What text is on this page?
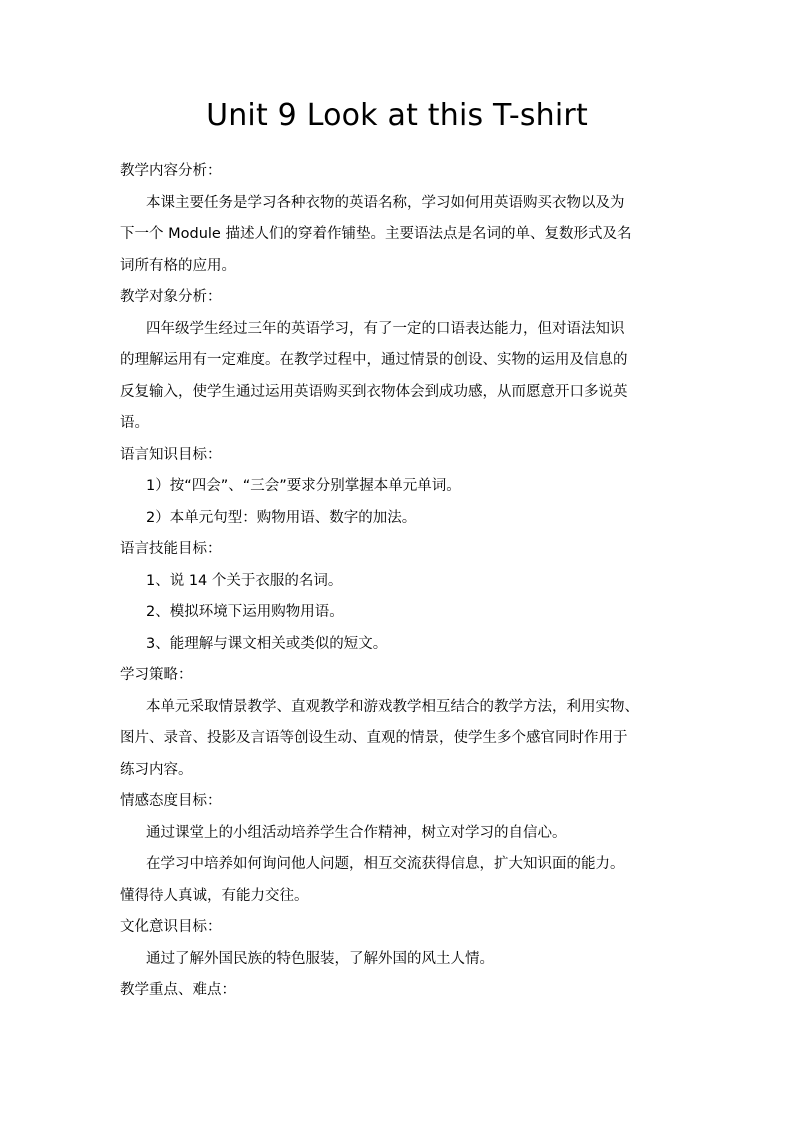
Unit 9 Look at this T-shirt
教学内容分析：
本课主要任务是学习各种衣物的英语名称，学习如何用英语购买衣物以及为
下一个 Module 描述人们的穿着作铺垫。主要语法点是名词的单、复数形式及名
词所有格的应用。
教学对象分析：
四年级学生经过三年的英语学习，有了一定的口语表达能力，但对语法知识
的理解运用有一定难度。在教学过程中，通过情景的创设、实物的运用及信息的
反复输入，使学生通过运用英语购买到衣物体会到成功感，从而愿意开口多说英
语。
语言知识目标：
1）按“四会”、“三会”要求分别掌握本单元单词。
2）本单元句型：购物用语、数字的加法。
语言技能目标：
1、说 14 个关于衣服的名词。
2、模拟环境下运用购物用语。
3、能理解与课文相关或类似的短文。
学习策略：
本单元采取情景教学、直观教学和游戏教学相互结合的教学方法，利用实物、
图片、录音、投影及言语等创设生动、直观的情景，使学生多个感官同时作用于
练习内容。
情感态度目标：
通过课堂上的小组活动培养学生合作精神，树立对学习的自信心。
在学习中培养如何询问他人问题，相互交流获得信息，扩大知识面的能力。
懂得待人真诚，有能力交往。
文化意识目标：
通过了解外国民族的特色服装，了解外国的风土人情。
教学重点、难点：
